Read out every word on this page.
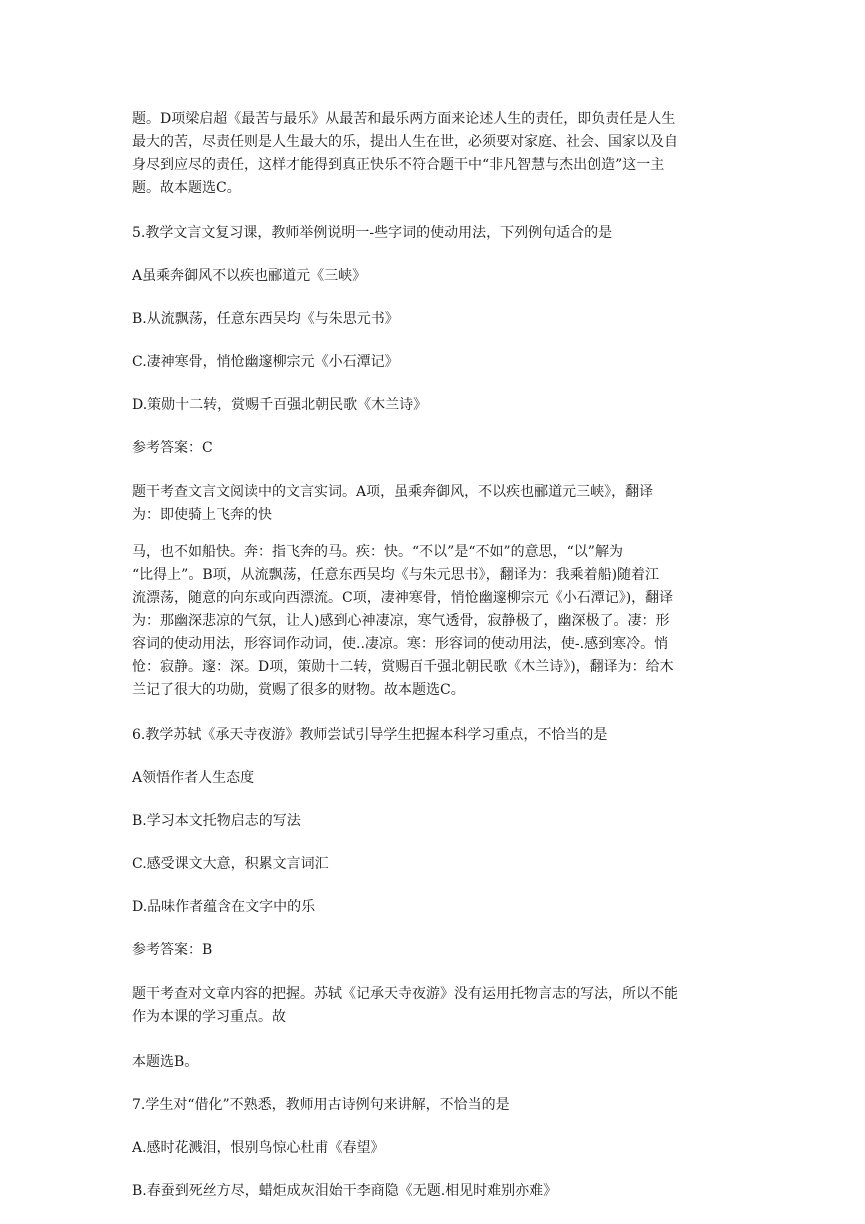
题。D项梁启超《最苦与最乐》从最苦和最乐两方面来论述人生的责任，即负责任是人生
最大的苦，尽责任则是人生最大的乐，提出人生在世，必须要对家庭、社会、国家以及自
身尽到应尽的责任，这样才能得到真正快乐不符合题干中“非凡智慧与杰出创造”这一主
题。故本题选C。
5.教学文言文复习课，教师举例说明一-些字词的使动用法，下列例句适合的是
A虽乘奔御风不以疾也郦道元《三峡》
B.从流飘荡，任意东西吴均《与朱思元书》
C.凄神寒骨，悄怆幽邃柳宗元《小石潭记》
D.策勋十二转，赏赐千百强北朝民歌《木兰诗》
参考答案：C
题干考查文言文阅读中的文言实词。A项，虽乘奔御风，不以疾也郦道元三峡》，翻译
为：即使骑上飞奔的快
马，也不如船快。奔：指飞奔的马。疾：快。“不以”是“不如”的意思，“以”解为
“比得上”。B项，从流飘荡，任意东西吴均《与朱元思书》，翻译为：我乘着船)随着江
流漂荡，随意的向东或向西漂流。C项，凄神寒骨，悄怆幽邃柳宗元《小石潭记》)，翻译
为：那幽深悲凉的气氛，让人)感到心神凄凉，寒气透骨，寂静极了，幽深极了。凄：形
容词的使动用法，形容词作动词，使..凄凉。寒：形容词的使动用法，使-.感到寒冷。悄
怆：寂静。邃：深。D项，策勋十二转，赏赐百千强北朝民歌《木兰诗》)，翻译为：给木
兰记了很大的功勋，赏赐了很多的财物。故本题选C。
6.教学苏轼《承天寺夜游》教师尝试引导学生把握本科学习重点，不恰当的是
A领悟作者人生态度
B.学习本文托物启志的写法
C.感受课文大意，积累文言词汇
D.品味作者蕴含在文字中的乐
参考答案：B
题干考查对文章内容的把握。苏轼《记承天寺夜游》没有运用托物言志的写法，所以不能
作为本课的学习重点。故
本题选B。
7.学生对“借化”不熟悉，教师用古诗例句来讲解，不恰当的是
A.感时花溅泪，恨别鸟惊心杜甫《春望》
B.春蚕到死丝方尽，蜡炬成灰泪始干李商隐《无题.相见时难别亦难》
